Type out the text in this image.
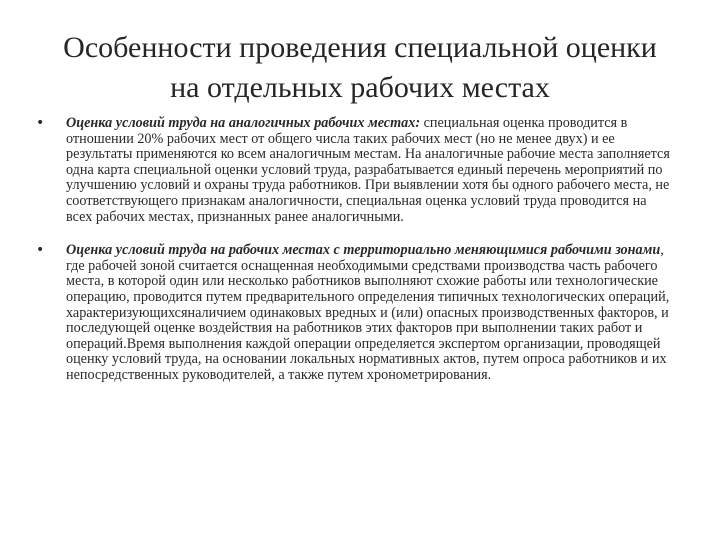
Особенности проведения специальной оценки
на отдельных рабочих местах
• Оценка условий труда на аналогичных рабочих местах: специальная оценка проводится в отношении 20% рабочих мест от общего числа таких рабочих мест (но не менее двух) и ее результаты применяются ко всем аналогичным местам. На аналогичные рабочие места заполняется одна карта специальной оценки условий труда, разрабатывается единый перечень мероприятий по улучшению условий и охраны труда работников. При выявлении хотя бы одного рабочего места, не соответствующего признакам аналогичности, специальная оценка условий труда проводится на всех рабочих местах, признанных ранее аналогичными.
• Оценка условий труда на рабочих местах с территориально меняющимися рабочими зонами, где рабочей зоной считается оснащенная необходимыми средствами производства часть рабочего места, в которой один или несколько работников выполняют схожие работы или технологические операцию, проводится путем предварительного определения типичных технологических операций, характеризующихсяналичием одинаковых вредных и (или) опасных производственных факторов, и последующей оценке воздействия на работников этих факторов при выполнении таких работ и операций.Время выполнения каждой операции определяется экспертом организации, проводящей оценку условий труда, на основании локальных нормативных актов, путем опроса работников и их непосредственных руководителей, а также путем хронометрирования.
